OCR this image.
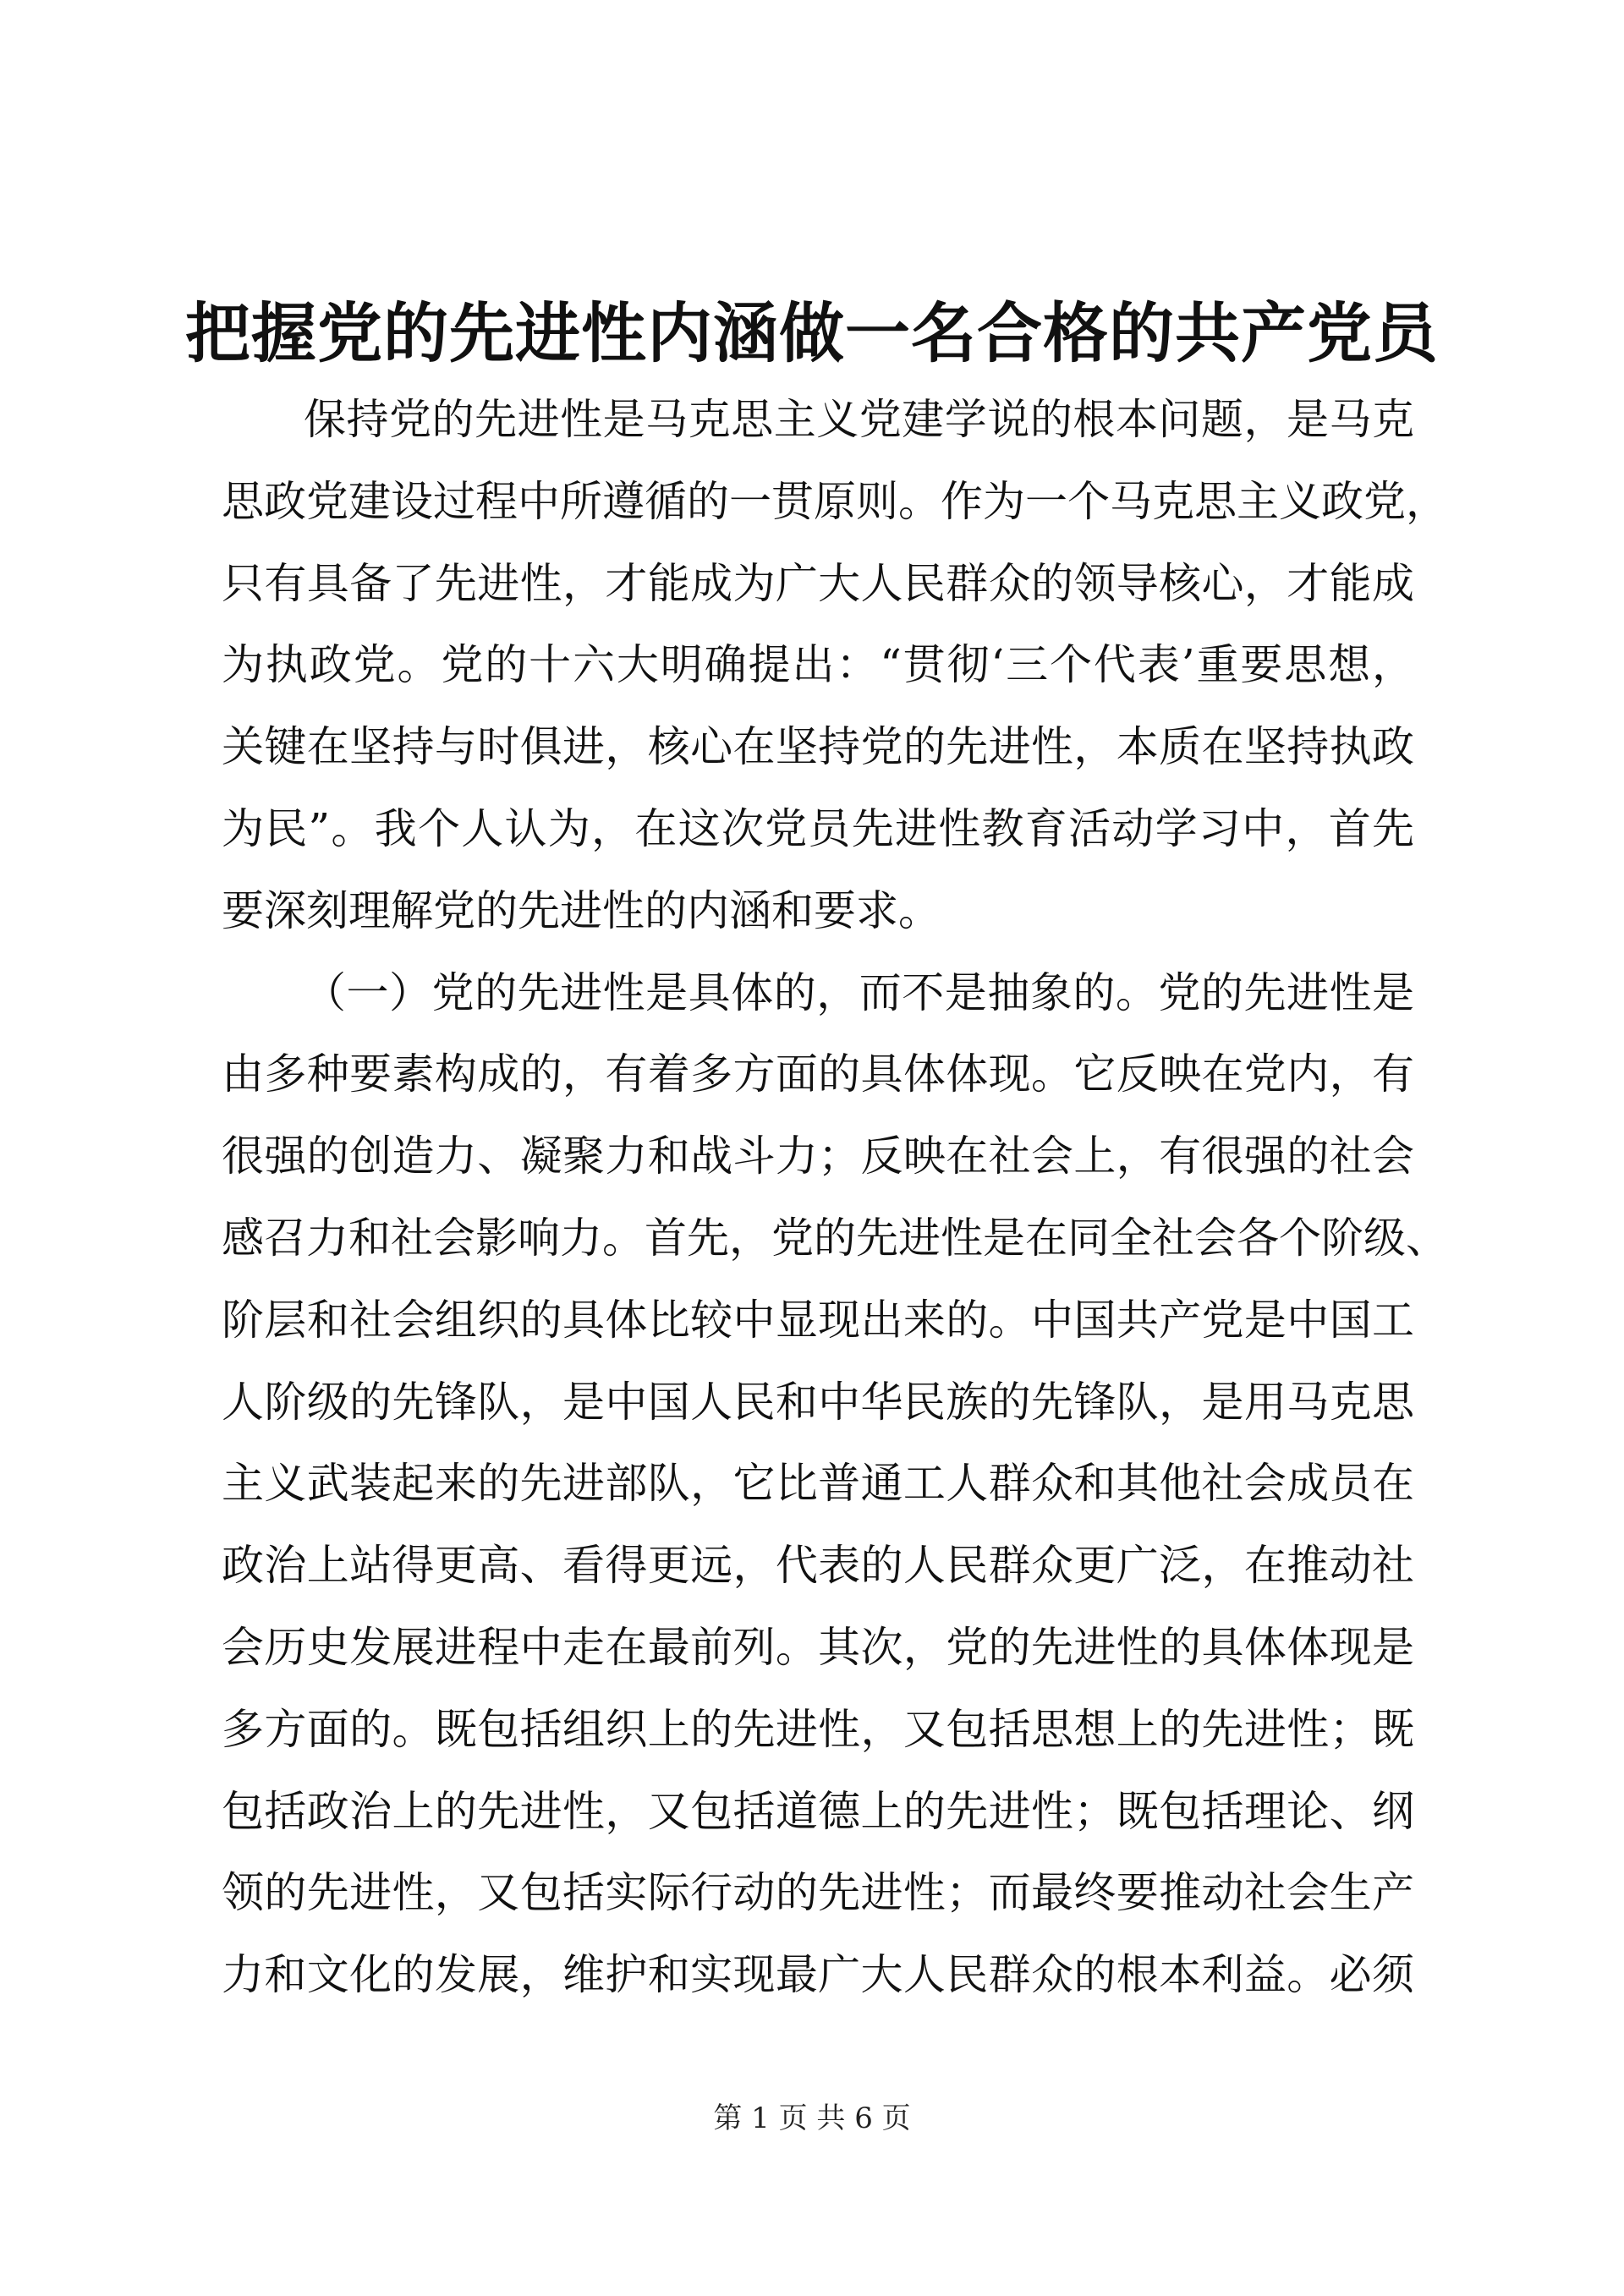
把握党的先进性内涵做一名合格的共产党员
保持党的先进性是马克思主义党建学说的根本问题，是马克
思政党建设过程中所遵循的一贯原则。作为一个马克思主义政党，
只有具备了先进性，才能成为广大人民群众的领导核心，才能成
为执政党。党的十六大明确提出：“贯彻‘三个代表’重要思想，
关键在坚持与时俱进，核心在坚持党的先进性，本质在坚持执政
为民”。我个人认为，在这次党员先进性教育活动学习中，首先
要深刻理解党的先进性的内涵和要求。
（一）党的先进性是具体的，而不是抽象的。党的先进性是
由多种要素构成的，有着多方面的具体体现。它反映在党内，有
很强的创造力、凝聚力和战斗力；反映在社会上，有很强的社会
感召力和社会影响力。首先，党的先进性是在同全社会各个阶级、
阶层和社会组织的具体比较中显现出来的。中国共产党是中国工
人阶级的先锋队，是中国人民和中华民族的先锋队，是用马克思
主义武装起来的先进部队，它比普通工人群众和其他社会成员在
政治上站得更高、看得更远，代表的人民群众更广泛，在推动社
会历史发展进程中走在最前列。其次，党的先进性的具体体现是
多方面的。既包括组织上的先进性，又包括思想上的先进性；既
包括政治上的先进性，又包括道德上的先进性；既包括理论、纲
领的先进性，又包括实际行动的先进性；而最终要推动社会生产
力和文化的发展，维护和实现最广大人民群众的根本利益。必须
第 1 页 共 6 页
